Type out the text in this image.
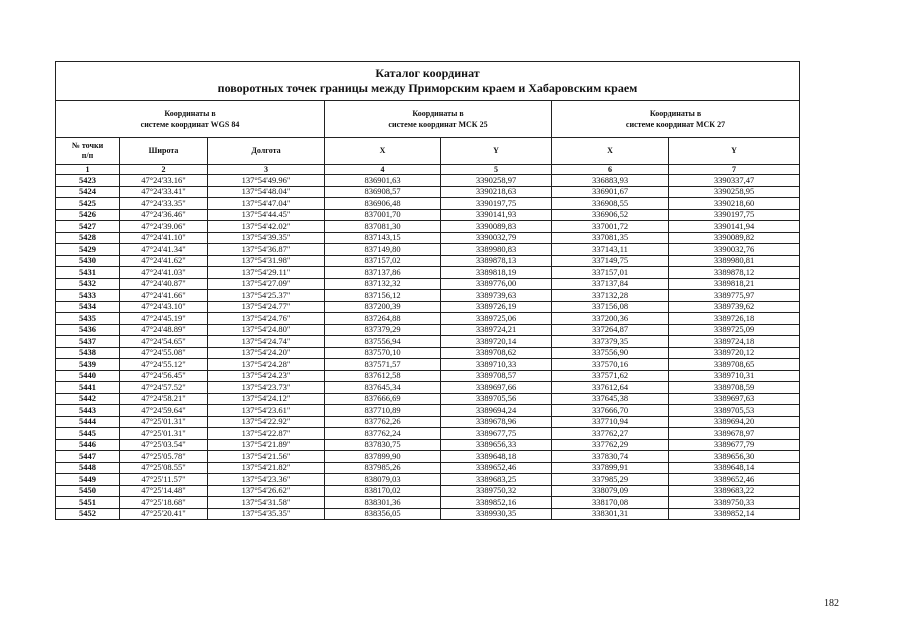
Каталог координат
поворотных точек границы между Приморским краем и Хабаровским краем						

Координаты в
системе координат WGS 84			Координаты в
системе координат МСК 25		Координаты в
системе координат МСК 27	
№ точки
п/п	Широта	Долгота	X	Y	X	Y
1	2	3	4	5	6	7
5423	47°24'33.16"	137°54'49.96"	836901,63	3390258,97	336883,93	3390337,47
5424	47°24'33.41"	137°54'48.04"	836908,57	3390218,63	336901,67	3390258,95
5425	47°24'33.35"	137°54'47.04"	836906,48	3390197,75	336908,55	3390218,60
5426	47°24'36.46"	137°54'44.45"	837001,70	3390141,93	336906,52	3390197,75
5427	47°24'39.06"	137°54'42.02"	837081,30	3390089,83	337001,72	3390141,94
5428	47°24'41.10"	137°54'39.35"	837143,15	3390032,79	337081,35	3390089,82
5429	47°24'41.34"	137°54'36.87"	837149,80	3389980,83	337143,11	3390032,76
5430	47°24'41.62"	137°54'31.98"	837157,02	3389878,13	337149,75	3389980,81
5431	47°24'41.03"	137°54'29.11"	837137,86	3389818,19	337157,01	3389878,12
5432	47°24'40.87"	137°54'27.09"	837132,32	3389776,00	337137,84	3389818,21
5433	47°24'41.66"	137°54'25.37"	837156,12	3389739,63	337132,28	3389775,97
5434	47°24'43.10"	137°54'24.77"	837200,39	3389726,19	337156,08	3389739,62
5435	47°24'45.19"	137°54'24.76"	837264,88	3389725,06	337200,36	3389726,18
5436	47°24'48.89"	137°54'24.80"	837379,29	3389724,21	337264,87	3389725,09
5437	47°24'54.65"	137°54'24.74"	837556,94	3389720,14	337379,35	3389724,18
5438	47°24'55.08"	137°54'24.20"	837570,10	3389708,62	337556,90	3389720,12
5439	47°24'55.12"	137°54'24.28"	837571,57	3389710,33	337570,16	3389708,65
5440	47°24'56.45"	137°54'24.23"	837612,58	3389708,57	337571,62	3389710,31
5441	47°24'57.52"	137°54'23.73"	837645,34	3389697,66	337612,64	3389708,59
5442	47°24'58.21"	137°54'24.12"	837666,69	3389705,56	337645,38	3389697,63
5443	47°24'59.64"	137°54'23.61"	837710,89	3389694,24	337666,70	3389705,53
5444	47°25'01.31"	137°54'22.92"	837762,26	3389678,96	337710,94	3389694,20
5445	47°25'01.31"	137°54'22.87"	837762,24	3389677,75	337762,27	3389678,97
5446	47°25'03.54"	137°54'21.89"	837830,75	3389656,33	337762,29	3389677,79
5447	47°25'05.78"	137°54'21.56"	837899,90	3389648,18	337830,74	3389656,30
5448	47°25'08.55"	137°54'21.82"	837985,26	3389652,46	337899,91	3389648,14
5449	47°25'11.57"	137°54'23.36"	838079,03	3389683,25	337985,29	3389652,46
5450	47°25'14.48"	137°54'26.62"	838170,02	3389750,32	338079,09	3389683,22
5451	47°25'18.68"	137°54'31.58"	838301,36	3389852,16	338170,08	3389750,33
5452	47°25'20.41"	137°54'35.35"	838356,05	3389930,35	338301,31	3389852,14
182
